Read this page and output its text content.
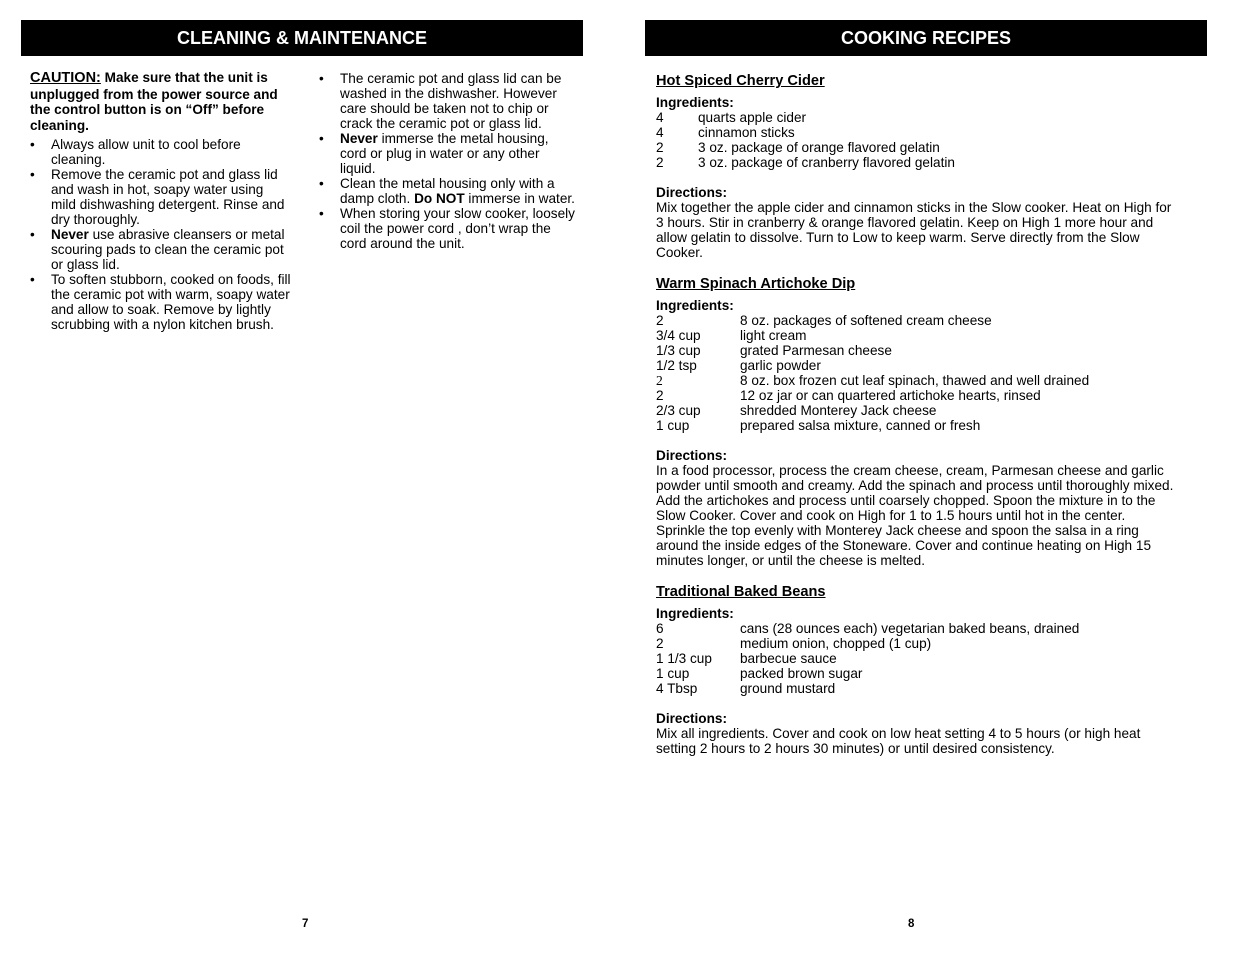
CLEANING & MAINTENANCE
CAUTION: Make sure that the unit is unplugged from the power source and the control button is on “Off” before cleaning.
• Always allow unit to cool before cleaning.
• Remove the ceramic pot and glass lid and wash in hot, soapy water using mild dishwashing detergent. Rinse and dry thoroughly.
• Never use abrasive cleansers or metal scouring pads to clean the ceramic pot or glass lid.
• To soften stubborn, cooked on foods, fill the ceramic pot with warm, soapy water and allow to soak. Remove by lightly scrubbing with a nylon kitchen brush.
• The ceramic pot and glass lid can be washed in the dishwasher. However care should be taken not to chip or crack the ceramic pot or glass lid.
• Never immerse the metal housing, cord or plug in water or any other liquid.
• Clean the metal housing only with a damp cloth. Do NOT immerse in water.
• When storing your slow cooker, loosely coil the power cord , don’t wrap the cord around the unit.
7
COOKING RECIPES
Hot Spiced Cherry Cider
Ingredients:
4	quarts apple cider
4	cinnamon sticks
2	3 oz. package of orange flavored gelatin
2	3 oz. package of cranberry flavored gelatin
Directions:
Mix together the apple cider and cinnamon sticks in the Slow cooker. Heat on High for 3 hours. Stir in cranberry & orange flavored gelatin. Keep on High 1 more hour and allow gelatin to dissolve. Turn to Low to keep warm. Serve directly from the Slow Cooker.
Warm Spinach Artichoke Dip
Ingredients:
2	8 oz. packages of softened cream cheese
3/4 cup	light cream
1/3 cup	grated Parmesan cheese
1/2 tsp	garlic powder
2	8 oz. box frozen cut leaf spinach, thawed and well drained
2	12 oz jar or can quartered artichoke hearts, rinsed
2/3 cup	shredded Monterey Jack cheese
1 cup	prepared salsa mixture, canned or fresh
Directions:
In a food processor, process the cream cheese, cream, Parmesan cheese and garlic powder until smooth and creamy. Add the spinach and process until thoroughly mixed. Add the artichokes and process until coarsely chopped. Spoon the mixture in to the Slow Cooker. Cover and cook on High for 1 to 1.5 hours until hot in the center. Sprinkle the top evenly with Monterey Jack cheese and spoon the salsa in a ring around the inside edges of the Stoneware. Cover and continue heating on High 15 minutes longer, or until the cheese is melted.
Traditional Baked Beans
Ingredients:
6	cans (28 ounces each) vegetarian baked beans, drained
2	medium onion, chopped (1 cup)
1 1/3 cup	barbecue sauce
1 cup	packed brown sugar
4 Tbsp	ground mustard
Directions:
Mix all ingredients. Cover and cook on low heat setting 4 to 5 hours (or high heat setting 2 hours to 2 hours 30 minutes) or until desired consistency.
8
